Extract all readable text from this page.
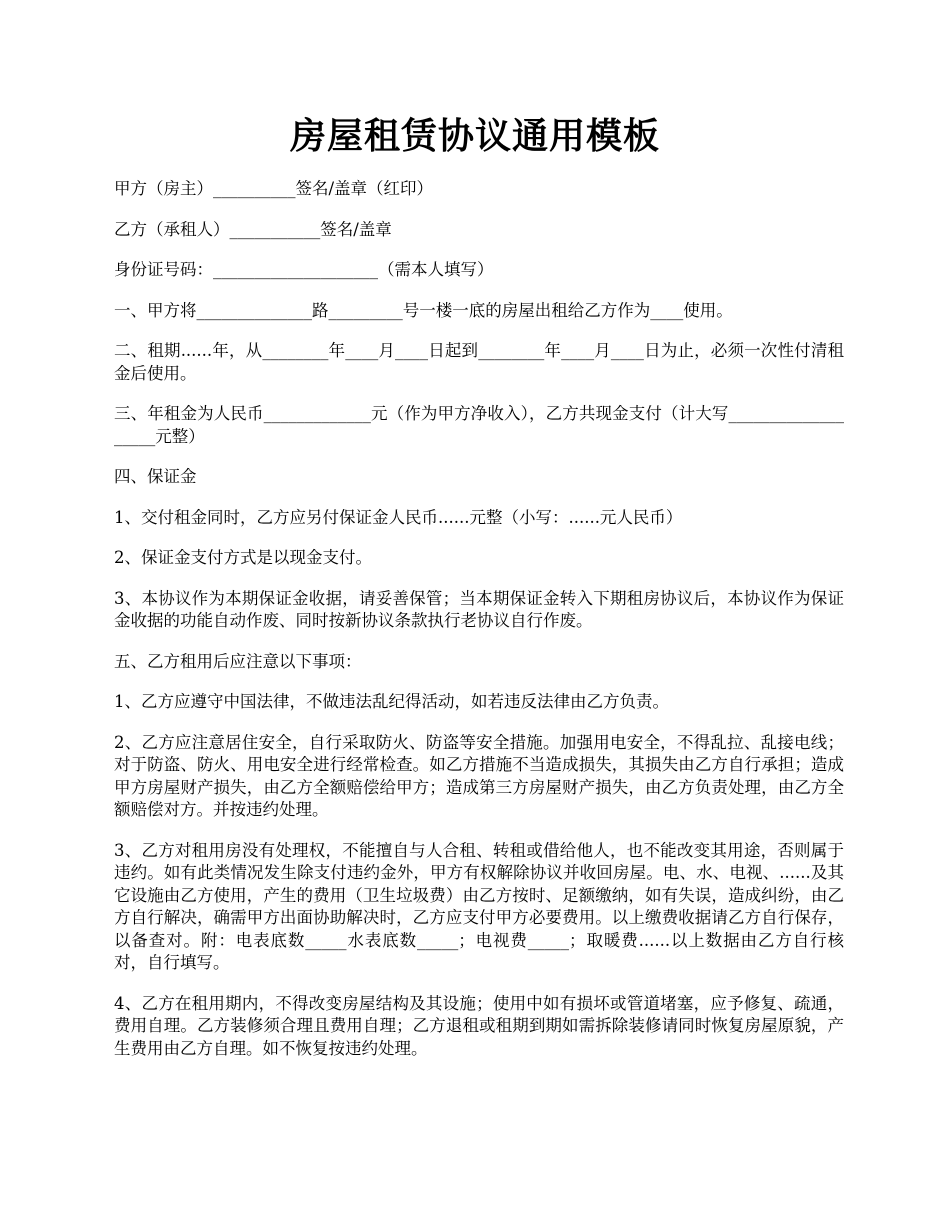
房屋租赁协议通用模板

甲方（房主）__________签名/盖章（红印）

乙方（承租人）___________签名/盖章

身份证号码：____________________（需本人填写）

一、甲方将______________路_________号一楼一底的房屋出租给乙方作为____使用。

二、租期......年，从________年____月____日起到________年____月____日为止，必须一次性付清租金后使用。

三、年租金为人民币_____________元（作为甲方净收入），乙方共现金支付（计大写___________________元整）

四、保证金

1、交付租金同时，乙方应另付保证金人民币......元整（小写：......元人民币）

2、保证金支付方式是以现金支付。

3、本协议作为本期保证金收据，请妥善保管；当本期保证金转入下期租房协议后，本协议作为保证金收据的功能自动作废、同时按新协议条款执行老协议自行作废。

五、乙方租用后应注意以下事项：

1、乙方应遵守中国法律，不做违法乱纪得活动，如若违反法律由乙方负责。

2、乙方应注意居住安全，自行采取防火、防盗等安全措施。加强用电安全，不得乱拉、乱接电线；对于防盗、防火、用电安全进行经常检查。如乙方措施不当造成损失，其损失由乙方自行承担；造成甲方房屋财产损失，由乙方全额赔偿给甲方；造成第三方房屋财产损失，由乙方负责处理，由乙方全额赔偿对方。并按违约处理。

3、乙方对租用房没有处理权，不能擅自与人合租、转租或借给他人，也不能改变其用途，否则属于违约。如有此类情况发生除支付违约金外，甲方有权解除协议并收回房屋。电、水、电视、......及其它设施由乙方使用，产生的费用（卫生垃圾费）由乙方按时、足额缴纳，如有失误，造成纠纷，由乙方自行解决，确需甲方出面协助解决时，乙方应支付甲方必要费用。以上缴费收据请乙方自行保存，以备查对。附：电表底数_____水表底数_____；电视费_____；取暖费......以上数据由乙方自行核对，自行填写。

4、乙方在租用期内，不得改变房屋结构及其设施；使用中如有损坏或管道堵塞，应予修复、疏通，费用自理。乙方装修须合理且费用自理；乙方退租或租期到期如需拆除装修请同时恢复房屋原貌，产生费用由乙方自理。如不恢复按违约处理。
